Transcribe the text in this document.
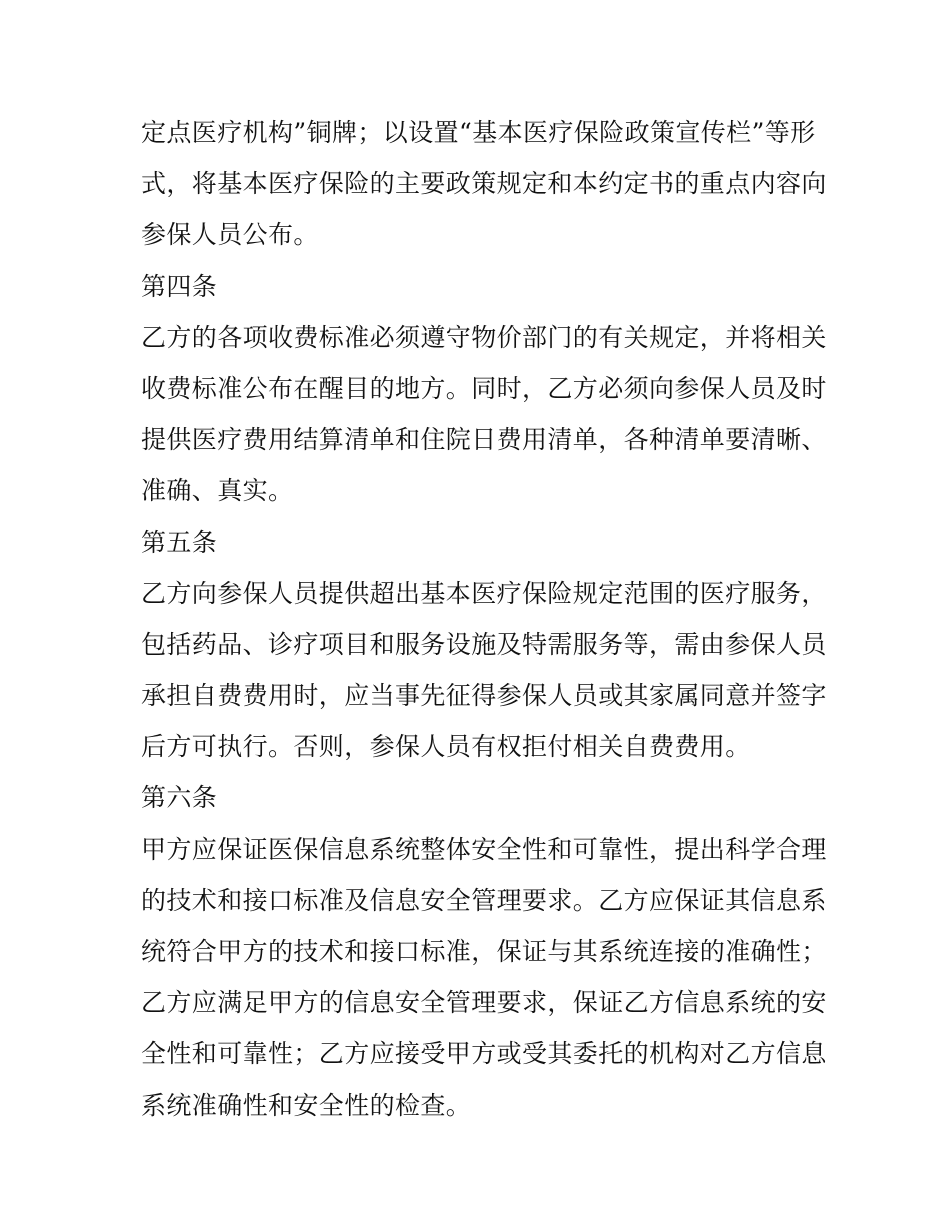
定点医疗机构”铜牌；以设置“基本医疗保险政策宣传栏”等形
式，将基本医疗保险的主要政策规定和本约定书的重点内容向
参保人员公布。
第四条
乙方的各项收费标准必须遵守物价部门的有关规定，并将相关
收费标准公布在醒目的地方。同时，乙方必须向参保人员及时
提供医疗费用结算清单和住院日费用清单，各种清单要清晰、
准确、真实。
第五条
乙方向参保人员提供超出基本医疗保险规定范围的医疗服务，
包括药品、诊疗项目和服务设施及特需服务等，需由参保人员
承担自费费用时，应当事先征得参保人员或其家属同意并签字
后方可执行。否则，参保人员有权拒付相关自费费用。
第六条
甲方应保证医保信息系统整体安全性和可靠性，提出科学合理
的技术和接口标准及信息安全管理要求。乙方应保证其信息系
统符合甲方的技术和接口标准，保证与其系统连接的准确性；
乙方应满足甲方的信息安全管理要求，保证乙方信息系统的安
全性和可靠性；乙方应接受甲方或受其委托的机构对乙方信息
系统准确性和安全性的检查。
